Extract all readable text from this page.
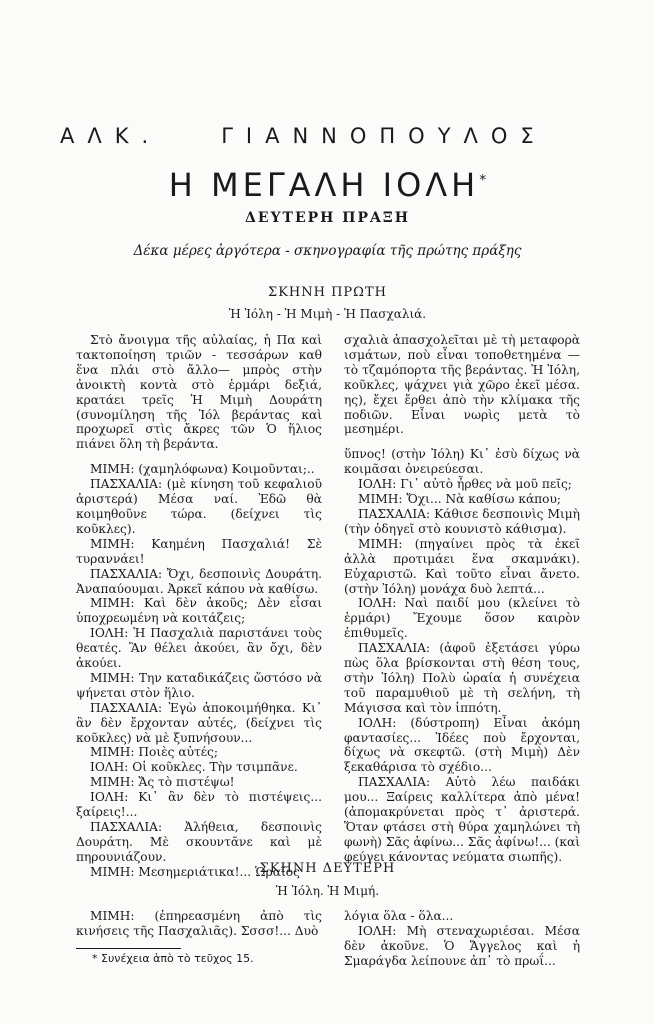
ΑΛΚ.	ΓΙΑΝΝΟΠΟΥΛΟΣ
Η ΜΕΓΑΛΗ ΙΟΛΗ*
ΔΕΥΤΕΡΗ ΠΡΑΞΗ
Δέκα μέρες ἀργότερα - σκηνογραφία τῆς πρώτης πράξης
ΣΚΗΝΗ ΠΡΩΤΗ
Ἡ Ἰόλη - Ἡ Μιμὴ - Ἡ Πασχαλιά.

Στὸ ἄνοιγμα τῆς αὐλαίας, ἡ Πα καὶ τακτοποίηση τριῶν - τεσσάρων καθ ἕνα πλάι στὸ ἄλλο— μπρὸς στὴν ἀνοικτὴ κοντὰ στὸ ἑρμάρι δεξιά, κρατάει τρεῖς Ἡ Μιμὴ Δουράτη (συνομίληση τῆς Ἰόλ βεράντας καὶ προχωρεῖ στὶς ἄκρες τῶν Ὁ ἥλιος πιάνει ὅλη τὴ βεράντα.

ΜΙΜΗ: (χαμηλόφωνα) Κοιμοῦνται;..

ΠΑΣΧΑΛΙΑ: (μὲ κίνηση τοῦ κεφαλιοῦ ἀριστερά) Μέσα ναί. Ἐδῶ θὰ κοιμηθοῦνε τώρα. (δείχνει τὶς κοῦκλες).

ΜΙΜΗ: Καημένη Πασχαλιά! Σὲ τυραννάει!

ΠΑΣΧΑΛΙΑ: Ὄχι, δεσποινὶς Δουράτη. Ἀναπαύουμαι. Ἀρκεῖ κάπου νὰ καθίσω.

ΜΙΜΗ: Καὶ δὲν ἀκοῦς; Δὲν εἶσαι ὑποχρεωμένη νὰ κοιτάζεις;

ΙΟΛΗ: Ἡ Πασχαλιὰ παριστάνει τοὺς θεατές. Ἂν θέλει ἀκούει, ἂν ὄχι, δὲν ἀκούει.

ΜΙΜΗ: Την καταδικάζεις ὥστόσο νὰ ψήνεται στὸν ἥλιο.

ΠΑΣΧΑΛΙΑ: Ἐγὼ ἀποκοιμήθηκα. Κι᾿ ἂν δὲν ἔρχονταν αὐτές, (δείχνει τὶς κοῦκλες) νὰ μὲ ξυπνήσουν...

ΜΙΜΗ: Ποιὲς αὐτές;

ΙΟΛΗ: Οἱ κοῦκλες. Τὴν τσιμπᾶνε.

ΜΙΜΗ: Ἄς τὸ πιστέψω!

ΙΟΛΗ: Κι᾿ ἂν δὲν τὸ πιστέψεις... ξαίρεις!...

ΠΑΣΧΑΛΙΑ: Ἀλήθεια, δεσποινὶς Δουράτη. Μὲ σκουντᾶνε καὶ μὲ πηρουνιάζουν.

ΜΙΜΗ: Μεσημεριάτικα!... Ὡραῖος

σχαλιὰ ἀπασχολεῖται μὲ τὴ μεταφορὰ ισμάτων, ποὺ εἶναι τοποθετημένα —τὸ τζαμόπορτα τῆς βεράντας. Ἡ Ἰόλη, κοῦκλες, ψάχνει γιὰ χῶρο ἐκεῖ μέσα. ης), ἔχει ἔρθει ἀπὸ τὴν κλίμακα τῆς ποδιῶν. Εἶναι νωρὶς μετὰ τὸ μεσημέρι.

ὕπνος! (στὴν Ἰόλη) Κι᾿ ἐσὺ δίχως νὰ κοιμᾶσαι ὀνειρεύεσαι.

ΙΟΛΗ: Γι᾿ αὐτὸ ἦρθες νὰ μοῦ πεῖς;

ΜΙΜΗ: Ὄχι... Νὰ καθίσω κάπου;

ΠΑΣΧΑΛΙΑ: Κάθισε δεσποινὶς Μιμὴ (τὴν ὁδηγεῖ στὸ κουνιστὸ κάθισμα).

ΜΙΜΗ: (πηγαίνει πρὸς τὰ ἐκεῖ ἀλλὰ προτιμάει ἕνα σκαμνάκι). Εὐχαριστῶ. Καὶ τοῦτο εἶναι ἄνετο. (στὴν Ἰόλη) μονάχα δυὸ λεπτά...

ΙΟΛΗ: Ναὶ παιδί μου (κλείνει τὸ ἑρμάρι) Ἔχουμε ὅσον καιρὸν ἐπιθυμεῖς.

ΠΑΣΧΑΛΙΑ: (ἀφοῦ ἐξετάσει γύρω πὼς ὅλα βρίσκονται στὴ θέση τους, στὴν Ἰόλη) Πολὺ ὡραία ἡ συνέχεια τοῦ παραμυθιοῦ μὲ τὴ σελήνη, τὴ Μάγισσα καὶ τὸν ἱππότη.

ΙΟΛΗ: (δύστροπη) Εἶναι ἀκόμη φαντασίες... Ἰδέες ποὺ ἔρχονται, δίχως νὰ σκεφτῶ. (στὴ Μιμὴ) Δὲν ξεκαθάρισα τὸ σχέδιο...

ΠΑΣΧΑΛΙΑ: Αὐτὸ λέω παιδάκι μου... Ξαίρεις καλλίτερα ἀπὸ μένα! (ἀπομακρύνεται πρὸς τ᾿ ἀριστερά. Ὅταν φτάσει στὴ θύρα χαμηλώνει τὴ φωνὴ) Σᾶς ἀφίνω... Σᾶς ἀφίνω!... (καὶ φεύγει κάνοντας νεύματα σιωπῆς).

ΣΚΗΝΗ ΔΕΥΤΕΡΗ
Ἡ Ἰόλη. Ἡ Μιμή.

ΜΙΜΗ: (ἐπηρεασμένη ἀπὸ τὶς κινήσεις τῆς Πασχαλιᾶς). Σσσσ!... Δυὸ

λόγια ὅλα - ὅλα...

ΙΟΛΗ: Μὴ στεναχωριέσαι. Μέσα δὲν ἀκοῦνε. Ὁ Ἄγγελος καὶ ἡ Σμαράγδα λείπουνε ἀπ᾿ τὸ πρωΐ...

* Συνέχεια ἀπὸ τὸ τεῦχος 15.
